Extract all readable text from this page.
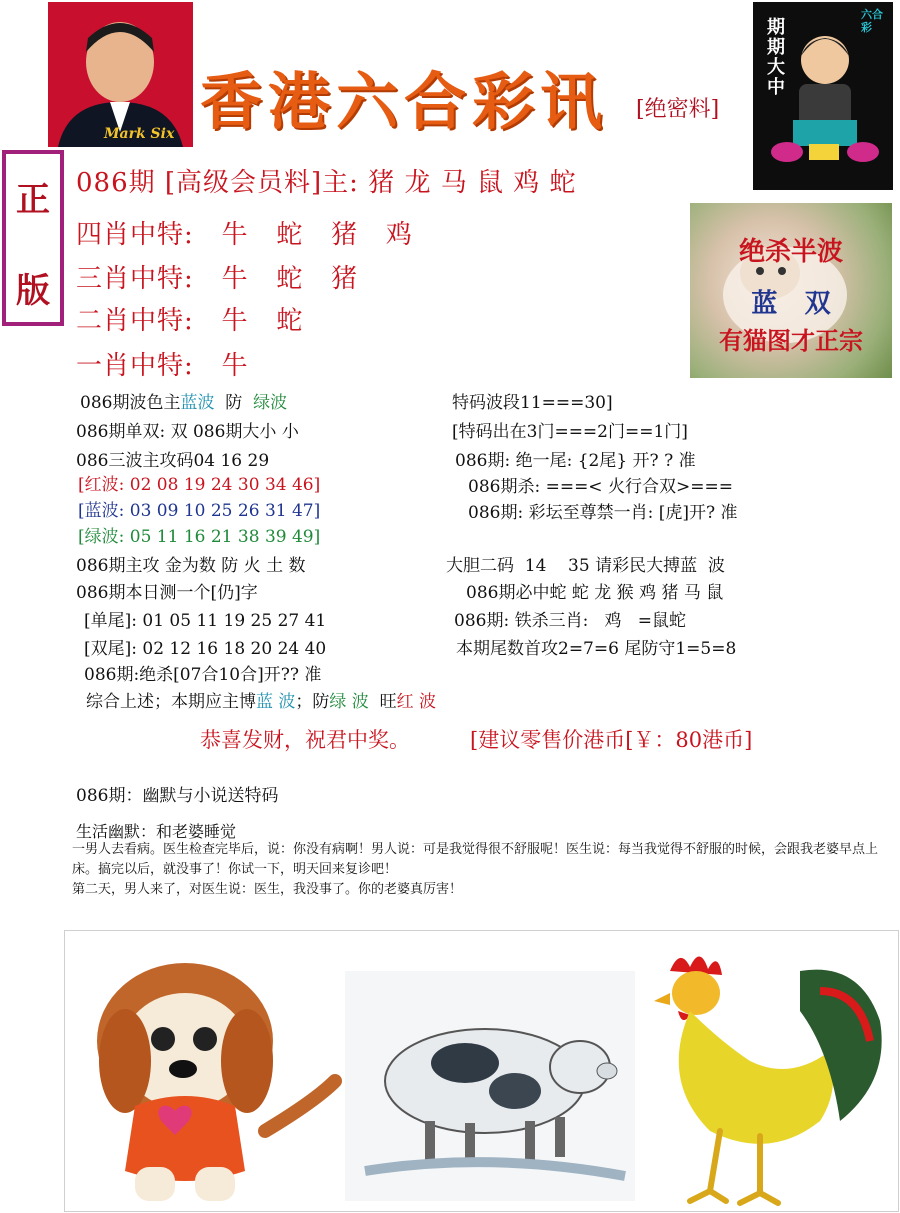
Mark Six 香港六合彩讯 [绝密料]
期期大中
六合彩
正
版
086期 [高级会员料]主: 猪 龙 马 鼠 鸡 蛇
四肖中特:   牛   蛇   猪   鸡
三肖中特:   牛   蛇   猪
二肖中特:   牛   蛇
一肖中特:   牛
绝杀半波
蓝   双
有猫图才正宗
086期波色主蓝波  防  绿波
086期单双: 双 086期大小 小
086三波主攻码04 16 29
[红波: 02 08 19 24 30 34 46]
[蓝波: 03 09 10 25 26 31 47]
[绿波: 05 11 16 21 38 39 49]
086期主攻 金为数 防 火 土 数
086期本日测一个[仍]字
[单尾]: 01 05 11 19 25 27 41
[双尾]: 02 12 16 18 20 24 40
086期:绝杀[07合10合]开?? 准
综合上述；本期应主博蓝 波；防绿 波  旺红 波
特码波段11===30]
[特码出在3门===2门==1门]
086期: 绝一尾: {2尾} 开? ? 准
086期杀: ===< 火行合双>===
086期: 彩坛至尊禁一肖: [虎]开? 准
大胆二码  14    35 请彩民大搏蓝  波
086期必中蛇 蛇 龙 猴 鸡 猪 马 鼠
086期: 铁杀三肖:   鸡   =鼠蛇
本期尾数首攻2=7=6 尾防守1=5=8
恭喜发财，祝君中奖。	[建议零售价港币[￥：80港币]
086期：幽默与小说送特码
生活幽默：和老婆睡觉
一男人去看病。医生检查完毕后，说：你没有病啊！男人说：可是我觉得很不舒服呢！医生说：每当我觉得不舒服的时候，会跟我老婆早点上床。搞完以后，就没事了！你试一下，明天回来复诊吧！
第二天，男人来了，对医生说：医生，我没事了。你的老婆真厉害！
